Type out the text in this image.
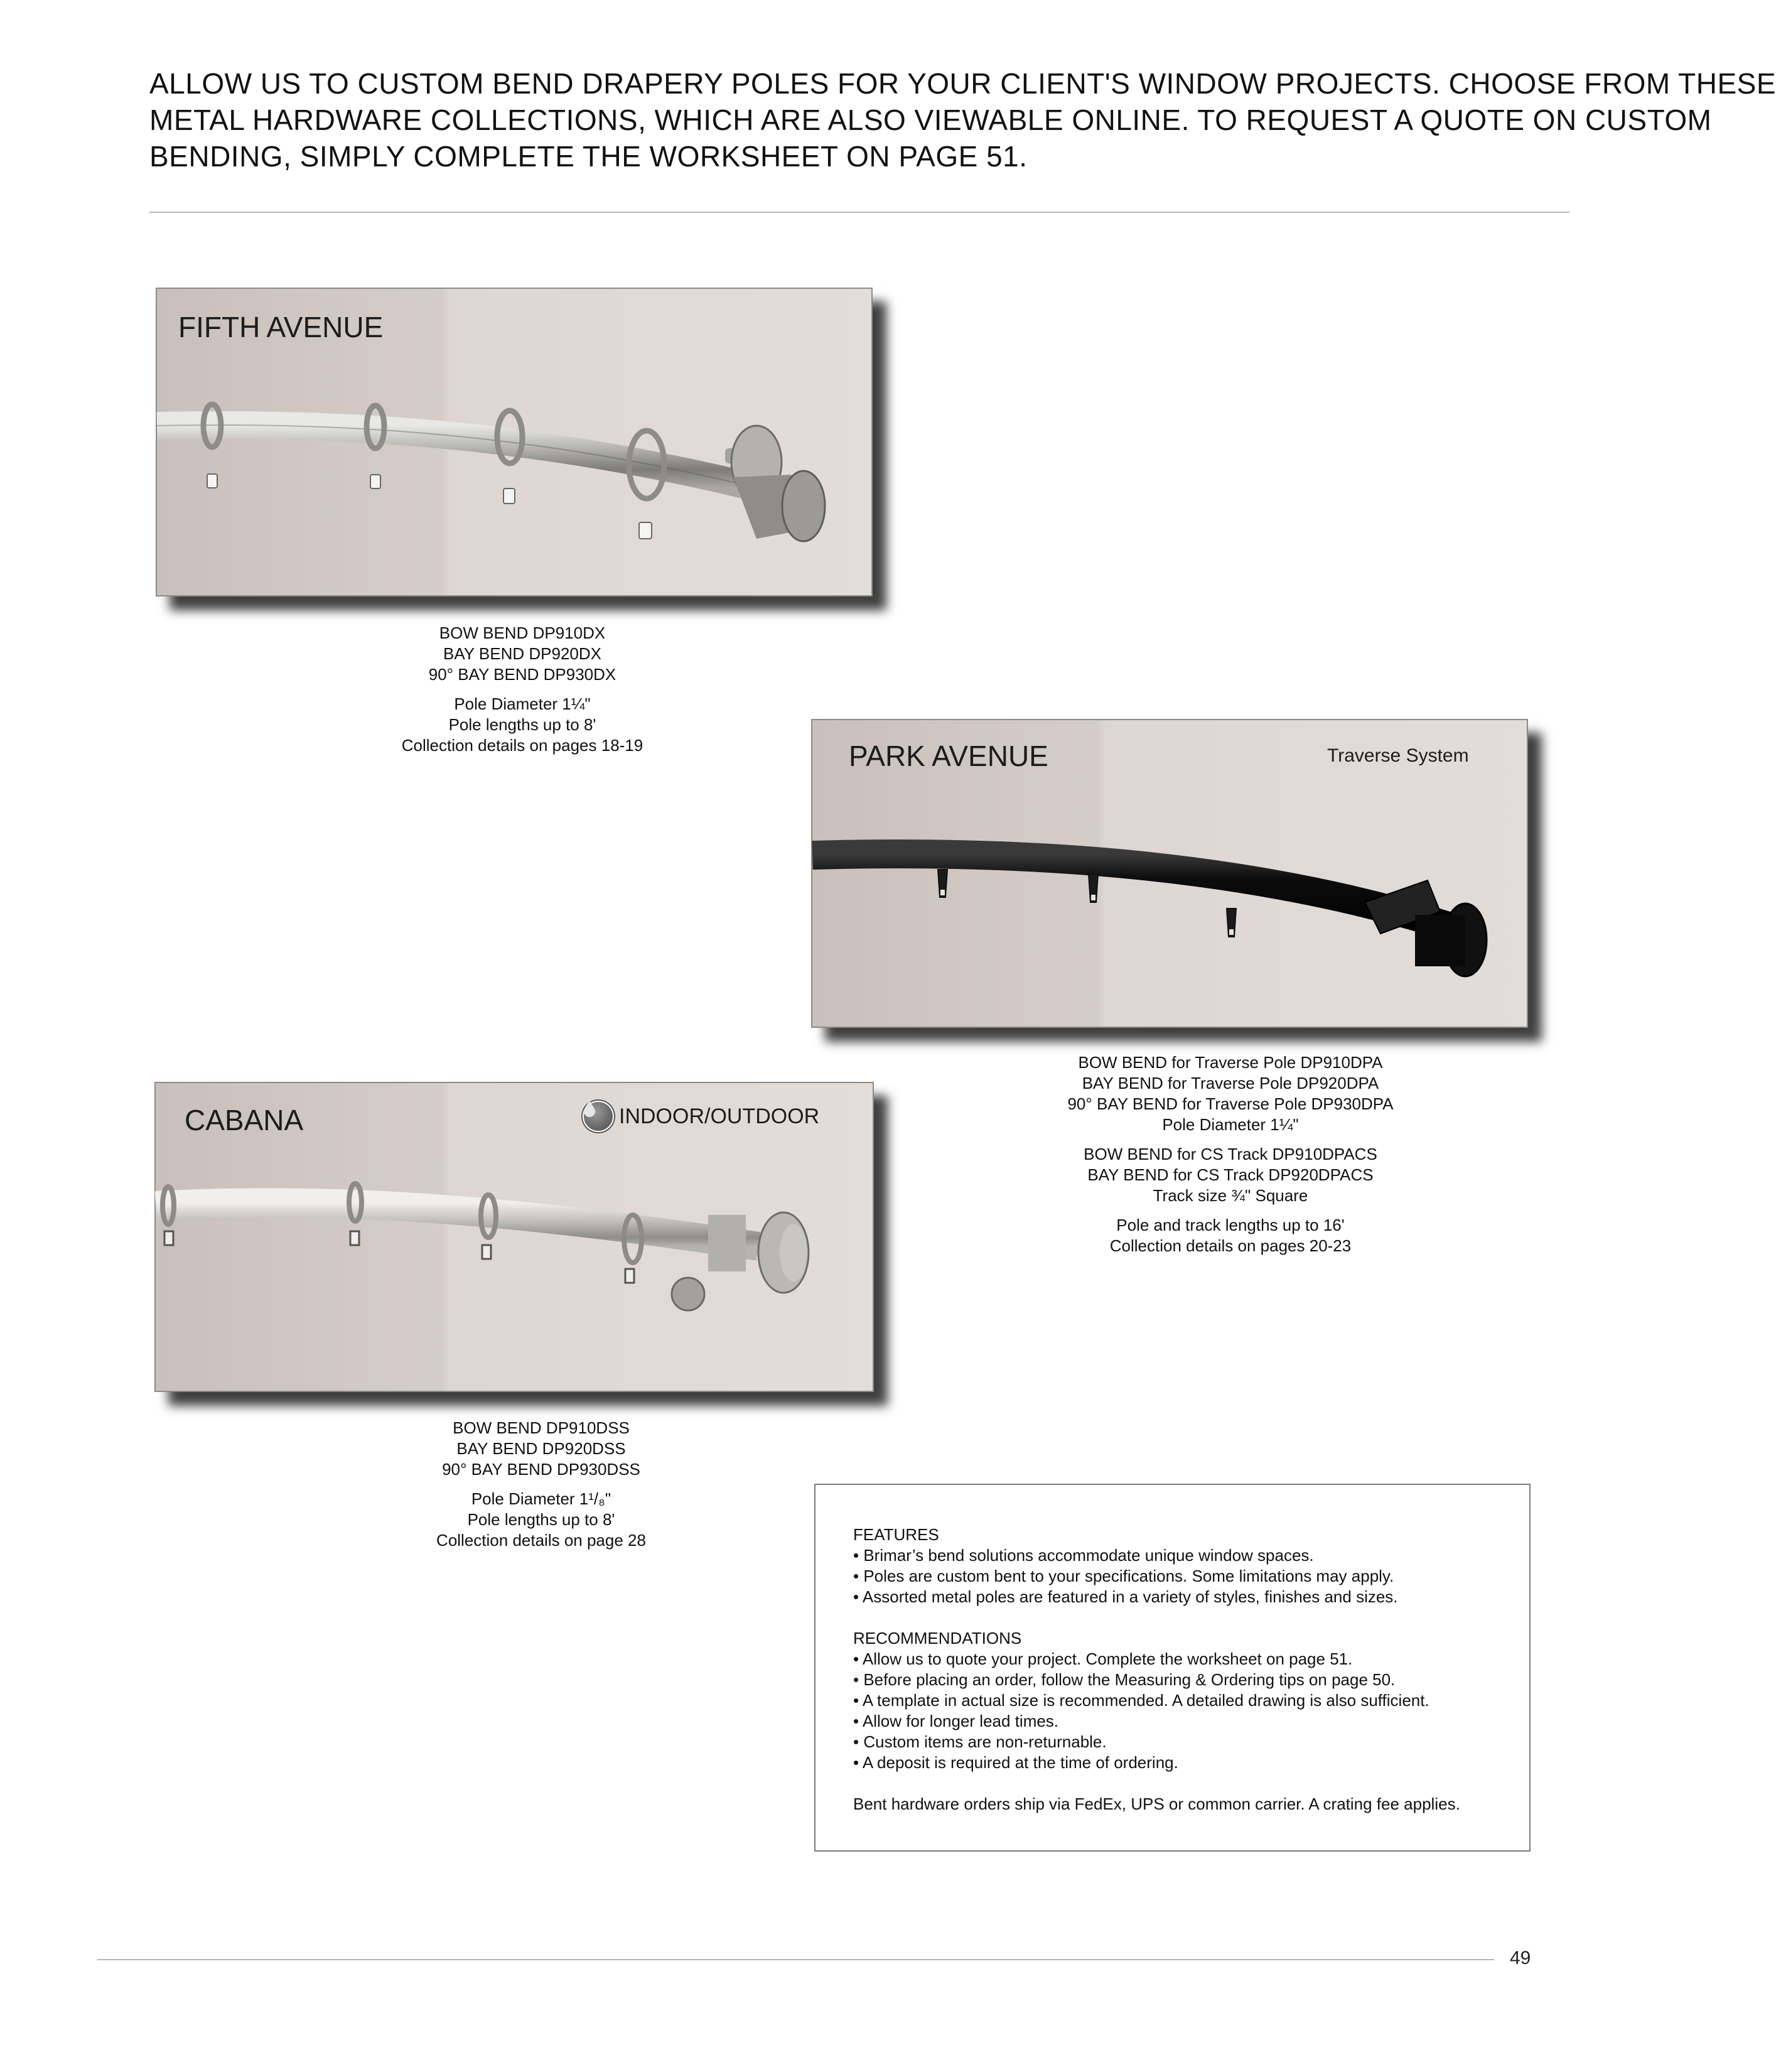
ALLOW US TO CUSTOM BEND DRAPERY POLES FOR YOUR CLIENT'S WINDOW PROJECTS. CHOOSE FROM THESE
METAL HARDWARE COLLECTIONS, WHICH ARE ALSO VIEWABLE ONLINE. TO REQUEST A QUOTE ON CUSTOM
BENDING, SIMPLY COMPLETE THE WORKSHEET ON PAGE 51.
FIFTH AVENUE
BOW BEND DP910DX
BAY BEND DP920DX
90° BAY BEND DP930DX
Pole Diameter 1¼"
Pole lengths up to 8'
Collection details on pages 18-19	PARK AVENUE	Traverse System
BOW BEND for Traverse Pole DP910DPA
BAY BEND for Traverse Pole DP920DPA
90° BAY BEND for Traverse Pole DP930DPA
Pole Diameter 1¼"
BOW BEND for CS Track DP910DPACS
BAY BEND for CS Track DP920DPACS
Track size ¾" Square
Pole and track lengths up to 16'
Collection details on pages 20-23
CABANA	INDOOR/OUTDOOR
BOW BEND DP910DSS
BAY BEND DP920DSS
90° BAY BEND DP930DSS
Pole Diameter 1¹/₈"
Pole lengths up to 8'
Collection details on page 28	FEATURES
• Brimar’s bend solutions accommodate unique window spaces.
• Poles are custom bent to your specifications. Some limitations may apply.
• Assorted metal poles are featured in a variety of styles, finishes and sizes.
RECOMMENDATIONS
• Allow us to quote your project. Complete the worksheet on page 51.
• Before placing an order, follow the Measuring & Ordering tips on page 50.
• A template in actual size is recommended. A detailed drawing is also sufficient.
• Allow for longer lead times.
• Custom items are non-returnable.
• A deposit is required at the time of ordering.
Bent hardware orders ship via FedEx, UPS or common carrier. A crating fee applies.
49
